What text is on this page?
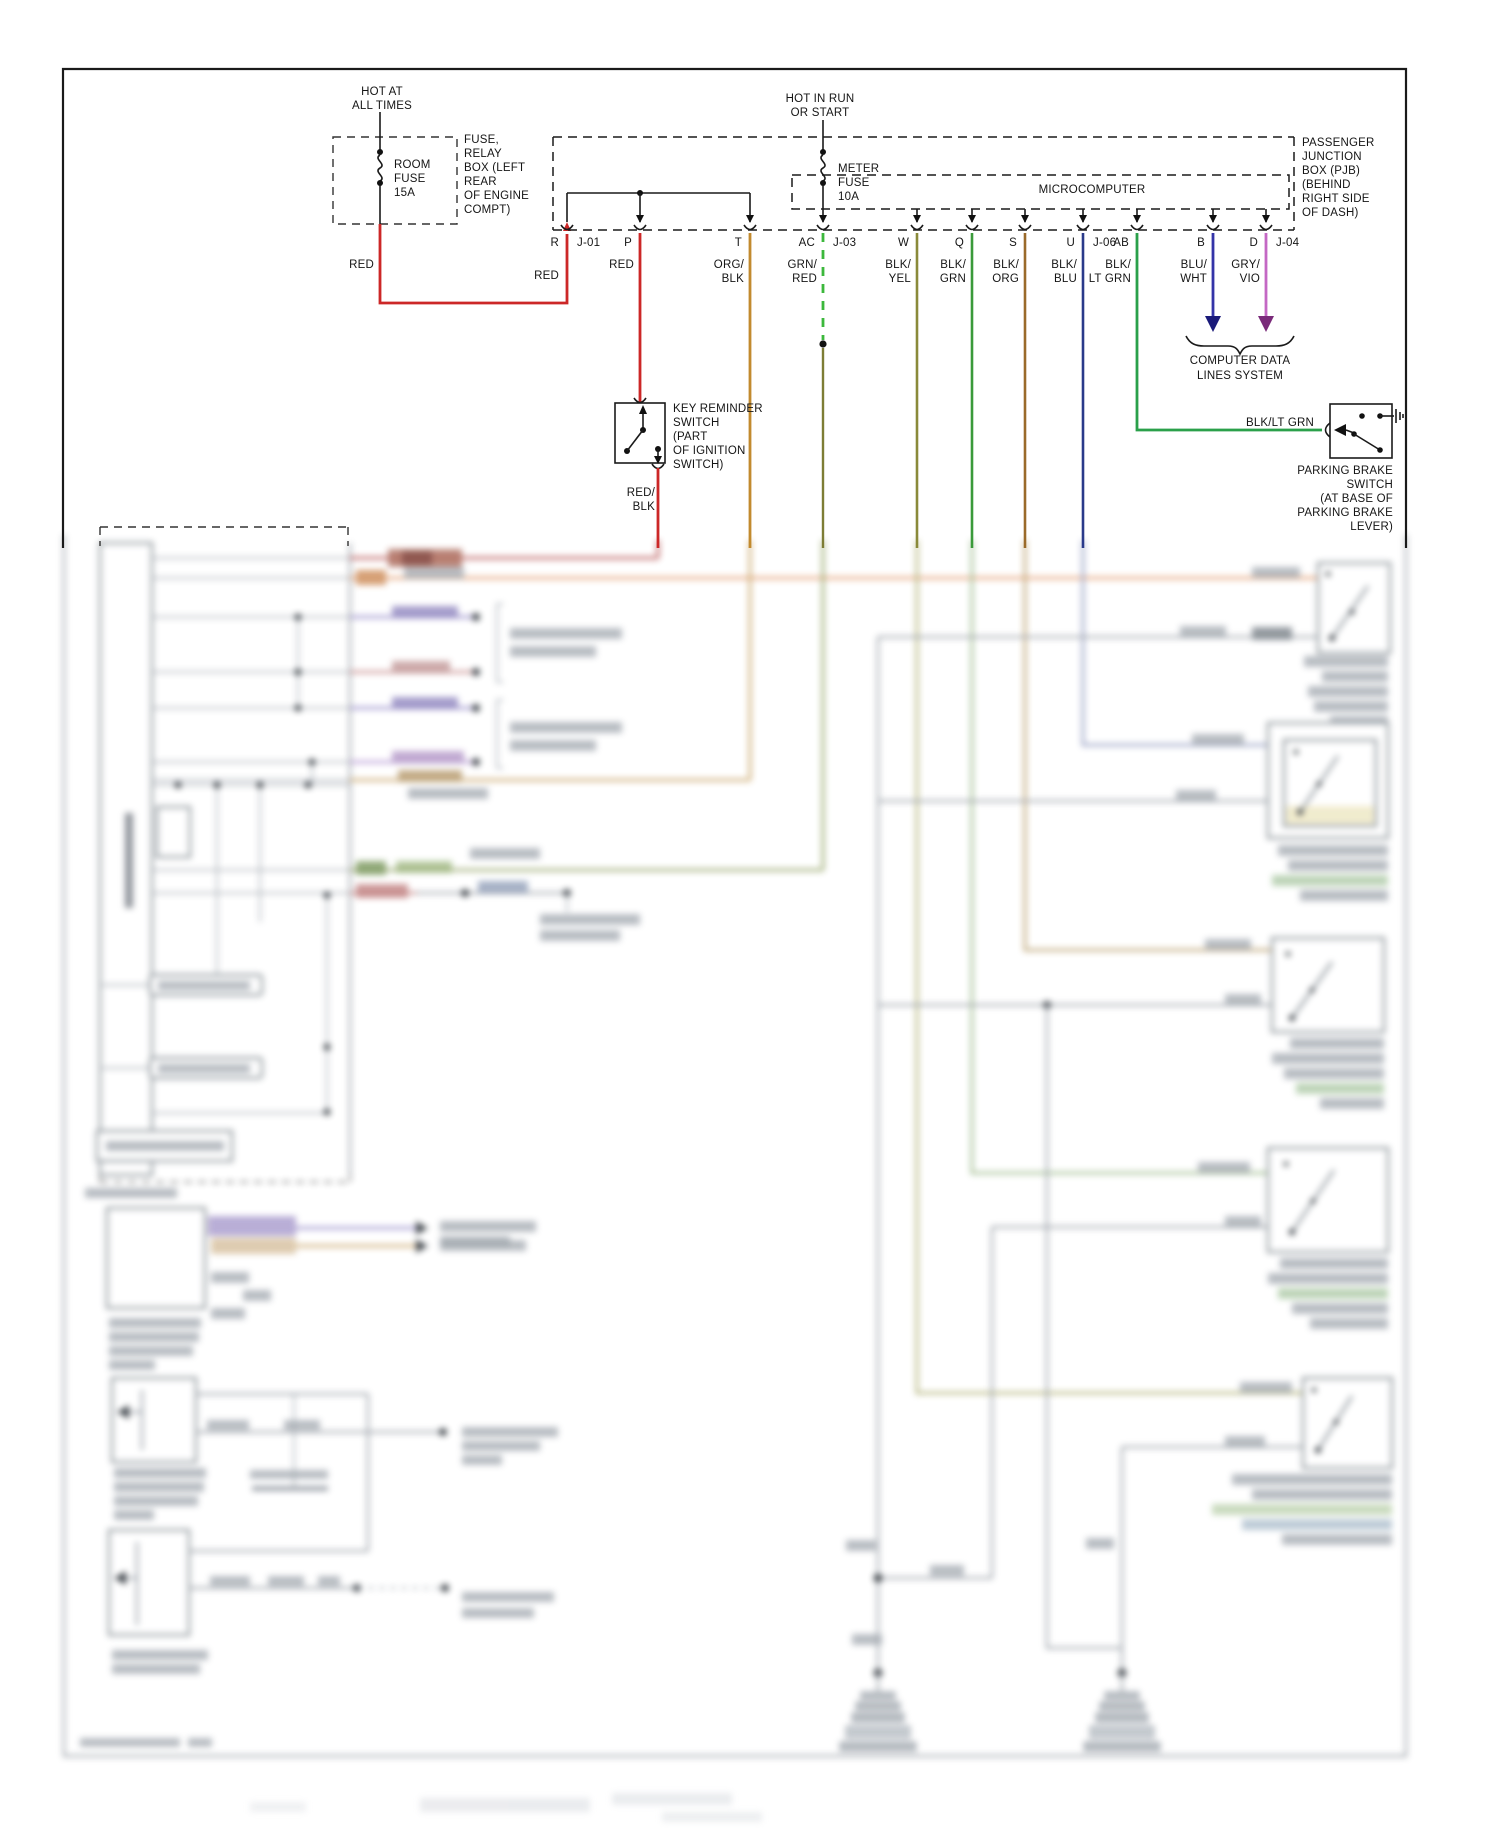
HOT AT
ALL TIMES
ROOM
FUSE
15A
FUSE,
RELAY
BOX (LEFT
REAR
OF ENGINE
COMPT)
RED
RED
PASSENGER
JUNCTION
BOX (PJB)
(BEHIND
RIGHT SIDE
OF DASH)
MICROCOMPUTER
HOT IN RUN
OR START
METER
FUSE
10A
R J-01 P	T	AC J-03	W	Q	S	U J-06
AB	B	D J-04
RED	ORG/
BLK
GRN/
RED
BLK/
YEL
BLK/
GRN
BLK/
ORG
BLK/
BLU
BLK/
LT GRN
BLU/
WHT
GRY/
VIO
COMPUTER DATA
LINES SYSTEM
BLK/LT GRN
PARKING BRAKE
SWITCH
(AT BASE OF
PARKING BRAKE
LEVER)
KEY REMINDER
SWITCH
(PART
OF IGNITION
SWITCH)
RED/
BLK
